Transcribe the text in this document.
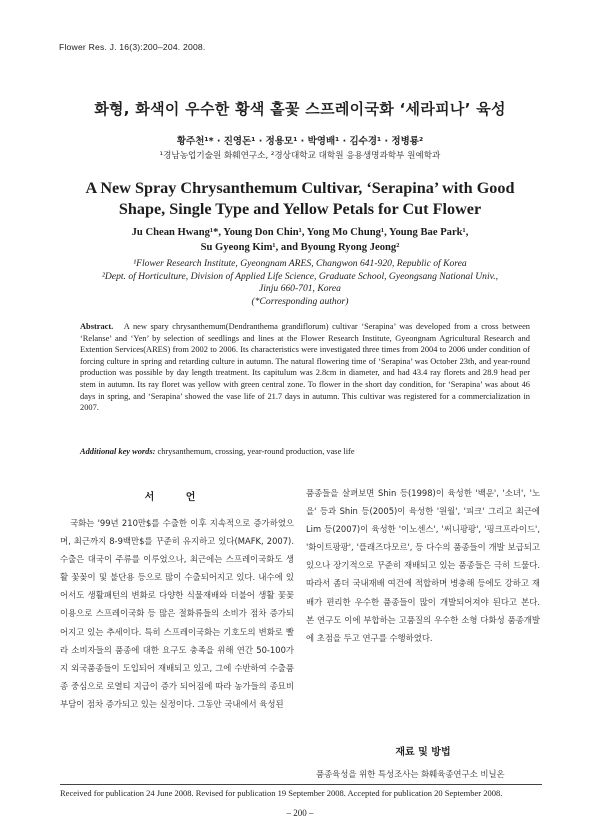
Flower Res. J. 16(3):200–204. 2008.
화형, 화색이 우수한 황색 홑꽃 스프레이국화 ‘세라피나’ 육성
황주천¹* · 진영돈¹ · 정용모¹ · 박영배¹ · 김수경¹ · 정병룡²
¹경남농업기술원 화훼연구소, ²경상대학교 대학원 응용생명과학부 원예학과
A New Spray Chrysanthemum Cultivar, ‘Serapina’ with Good
Shape, Single Type and Yellow Petals for Cut Flower
Ju Chean Hwang¹*, Young Don Chin¹, Yong Mo Chung¹, Young Bae Park¹,
Su Gyeong Kim¹, and Byoung Ryong Jeong²
¹Flower Research Institute, Gyeongnam ARES, Changwon 641-920, Republic of Korea
²Dept. of Horticulture, Division of Applied Life Science, Graduate School, Gyeongsang National Univ.,
Jinju 660-701, Korea
(*Corresponding author)
Abstract. A new spary chrysanthemum(Dendranthema grandiflorum) cultivar ‘Serapina’ was developed from a cross between ‘Relanse’ and ‘Yen’ by selection of seedlings and lines at the Flower Research Institute, Gyeongnam Agricultural Research and Extention Services(ARES) from 2002 to 2006. Its characteristics were investigated three times from 2004 to 2006 under condition of forcing culture in spring and retarding culture in autumn. The natural flowering time of ‘Serapina’ was October 23th, and year-round production was possible by day length treatment. Its capitulum was 2.8cm in diameter, and had 43.4 ray florets and 28.9 head per stem in autumn. Its ray floret was yellow with green central zone. To flower in the short day condition, for ‘Serapina’ was about 46 days in spring, and ‘Serapina’ showed the vase life of 21.7 days in autumn. This cultivar was registered for a commercialization in 2007.
Additional key words: chrysanthemum, crossing, year-round production, vase life
서 언
국화는 '99년 210만$를 수출한 이후 지속적으로 증가하였으며, 최근까지 8-9백만$를 꾸준히 유지하고 있다(MAFK, 2007). 수출은 대국이 주류를 이루었으나, 최근에는 스프레이국화도 생활 꽃꽂이 및 불단용 등으로 많이 수출되어지고 있다. 내수에 있어서도 생활패턴의 변화로 다양한 식물재배와 더불어 생활 꽃꽂이용으로 스프레이국화 등 많은 절화류들의 소비가 점차 증가되어지고 있는 추세이다. 특히 스프레이국화는 기호도의 변화로 빨라 소비자들의 품종에 대한 요구도 충족을 위해 연간 50-100가지 외국품종들이 도입되어 재배되고 있고, 그에 수반하여 수출품종 중심으로 로열티 지급이 증가 되어짐에 따라 농가들의 종묘비 부담이 점차 증가되고 있는 실정이다. 그동안 국내에서 육성된
품종들을 살펴보면 Shin 등(1998)이 육성한 '백운', '소녀', '노을' 등과 Shin 등(2005)이 육성한 '원월', '피크' 그리고 최근에 Lim 등(2007)이 육성한 '이노센스', '써니팡팡', '핑크프라이드', '화이트팡팡', '플래즈다모르', 등 다수의 품종들이 개발 보급되고 있으나 장기적으로 꾸준히 재배되고 있는 품종들은 극히 드물다. 따라서 좀더 국내재배 여건에 적합하며 병충해 등에도 강하고 재배가 편리한 우수한 품종들이 많이 개발되어져야 된다고 본다. 본 연구도 이에 부합하는 고품질의 우수한 소형 다화성 품종개발에 초점을 두고 연구를 수행하였다.
재료 및 방법
품종육성을 위한 특성조사는 화훼육종연구소 비닐온
Received for publication 24 June 2008. Revised for publication 19 September 2008. Accepted for publication 20 September 2008.
– 200 –
